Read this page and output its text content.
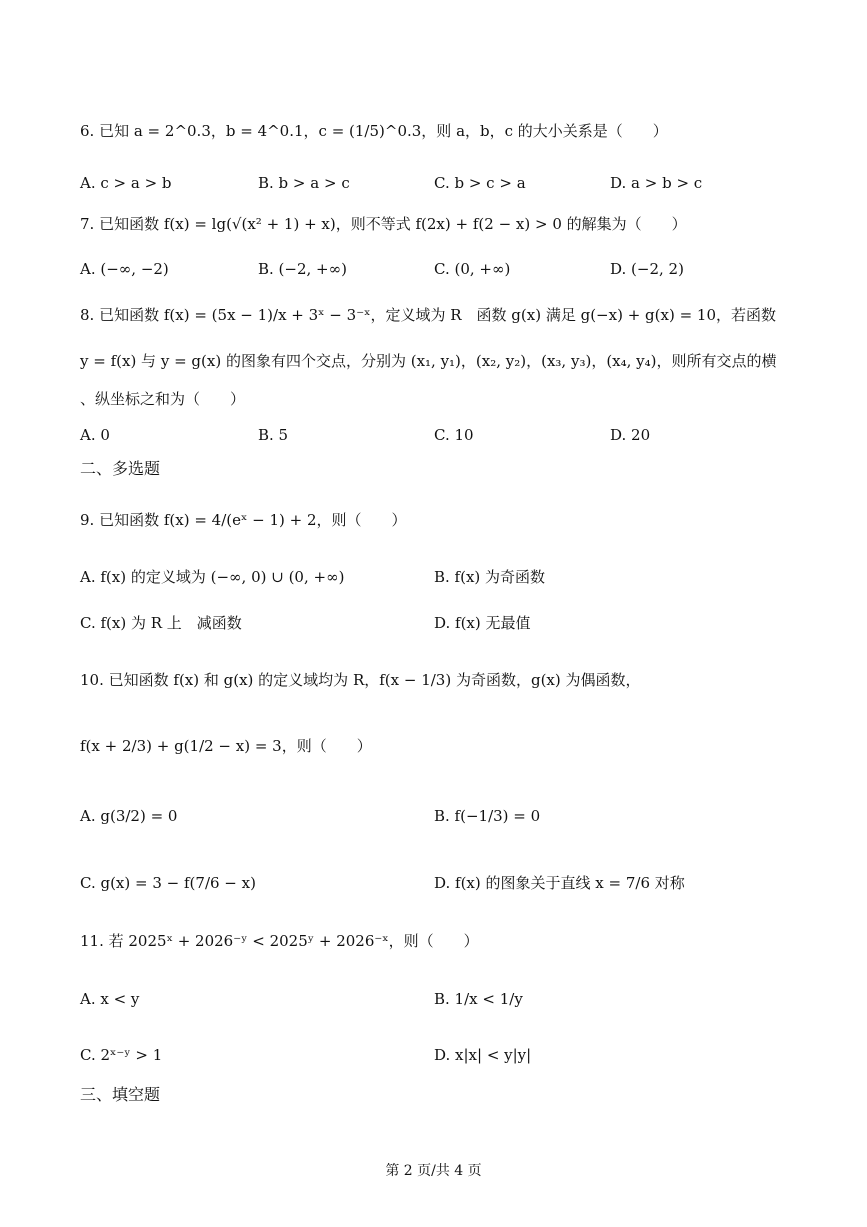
6. 已知 a = 2^0.3，b = 4^0.1，c = (1/5)^0.3，则 a，b，c 的大小关系是（　　）
A. c > a > b	B. b > a > c	C. b > c > a	D. a > b > c
7. 已知函数 f(x) = lg(√(x² + 1) + x)，则不等式 f(2x) + f(2 − x) > 0 的解集为（　　）
A. (−∞, −2)	B. (−2, +∞)	C. (0, +∞)	D. (−2, 2)
8. 已知函数 f(x) = (5x − 1)/x + 3ˣ − 3⁻ˣ，定义域为 R　函数 g(x) 满足 g(−x) + g(x) = 10，若函数
y = f(x) 与 y = g(x) 的图象有四个交点，分别为 (x₁, y₁)，(x₂, y₂)，(x₃, y₃)，(x₄, y₄)，则所有交点的横
、纵坐标之和为（　　）
A. 0	B. 5	C. 10	D. 20
二、多选题
9. 已知函数 f(x) = 4/(eˣ − 1) + 2，则（　　）
A. f(x) 的定义域为 (−∞, 0) ∪ (0, +∞)	B. f(x) 为奇函数
C. f(x) 为 R 上　减函数	D. f(x) 无最值
10. 已知函数 f(x) 和 g(x) 的定义域均为 R，f(x − 1/3) 为奇函数，g(x) 为偶函数，
f(x + 2/3) + g(1/2 − x) = 3，则（　　）
A. g(3/2) = 0	B. f(−1/3) = 0
C. g(x) = 3 − f(7/6 − x)	D. f(x) 的图象关于直线 x = 7/6 对称
11. 若 2025ˣ + 2026⁻ʸ < 2025ʸ + 2026⁻ˣ，则（　　）
A. x < y	B. 1/x < 1/y
C. 2ˣ⁻ʸ > 1	D. x|x| < y|y|
三、填空题
第 2 页/共 4 页
